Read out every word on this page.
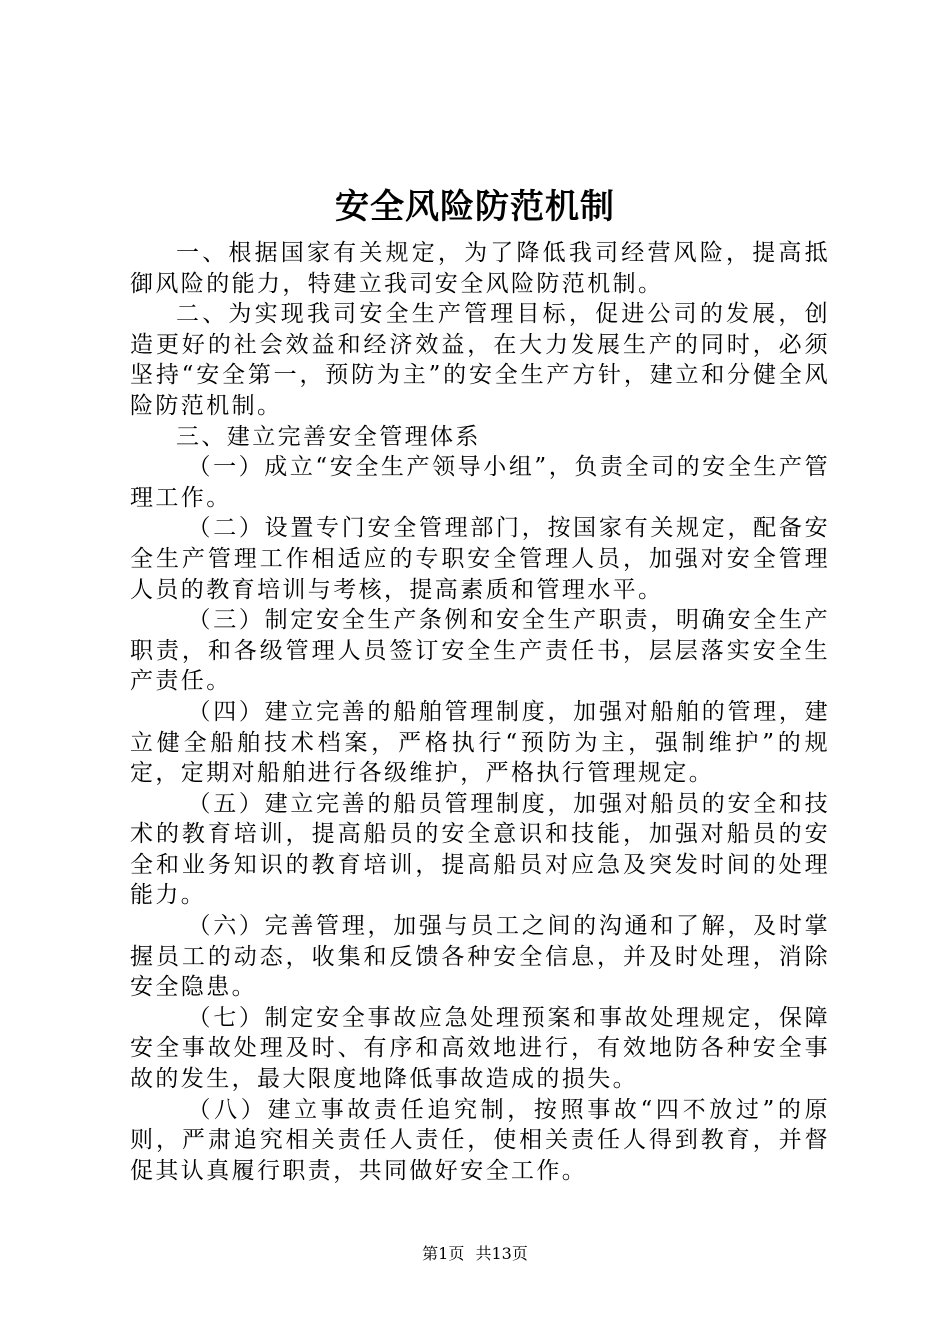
安全风险防范机制

一、根据国家有关规定，为了降低我司经营风险，提高抵御风险的能力，特建立我司安全风险防范机制。

二、为实现我司安全生产管理目标，促进公司的发展，创造更好的社会效益和经济效益，在大力发展生产的同时，必须坚持“安全第一，预防为主”的安全生产方针，建立和分健全风险防范机制。

三、建立完善安全管理体系

（一）成立“安全生产领导小组”，负责全司的安全生产管理工作。

（二）设置专门安全管理部门，按国家有关规定，配备安全生产管理工作相适应的专职安全管理人员，加强对安全管理人员的教育培训与考核，提高素质和管理水平。

（三）制定安全生产条例和安全生产职责，明确安全生产职责，和各级管理人员签订安全生产责任书，层层落实安全生产责任。

（四）建立完善的船舶管理制度，加强对船舶的管理，建立健全船舶技术档案，严格执行“预防为主，强制维护”的规定，定期对船舶进行各级维护，严格执行管理规定。

（五）建立完善的船员管理制度，加强对船员的安全和技术的教育培训，提高船员的安全意识和技能，加强对船员的安全和业务知识的教育培训，提高船员对应急及突发时间的处理能力。

（六）完善管理，加强与员工之间的沟通和了解，及时掌握员工的动态，收集和反馈各种安全信息，并及时处理，消除安全隐患。

（七）制定安全事故应急处理预案和事故处理规定，保障安全事故处理及时、有序和高效地进行，有效地防各种安全事故的发生，最大限度地降低事故造成的损失。

（八）建立事故责任追究制，按照事故“四不放过”的原则，严肃追究相关责任人责任，使相关责任人得到教育，并督促其认真履行职责，共同做好安全工作。

第1页 共13页
